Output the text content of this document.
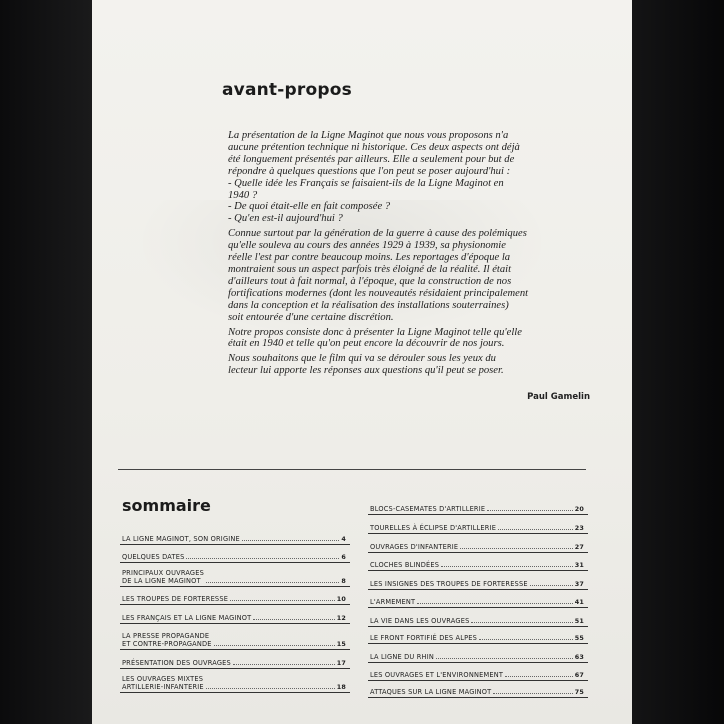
avant-propos

La présentation de la Ligne Maginot que nous vous proposons n'a
aucune prétention technique ni historique. Ces deux aspects ont déjà
été longuement présentés par ailleurs. Elle a seulement pour but de
répondre à quelques questions que l'on peut se poser aujourd'hui :
- Quelle idée les Français se faisaient-ils de la Ligne Maginot en
1940 ?
- De quoi était-elle en fait composée ?
- Qu'en est-il aujourd'hui ?

Connue surtout par la génération de la guerre à cause des polémiques
qu'elle souleva au cours des années 1929 à 1939, sa physionomie
réelle l'est par contre beaucoup moins. Les reportages d'époque la
montraient sous un aspect parfois très éloigné de la réalité. Il était
d'ailleurs tout à fait normal, à l'époque, que la construction de nos
fortifications modernes (dont les nouveautés résidaient principalement
dans la conception et la réalisation des installations souterraines)
soit entourée d'une certaine discrétion.

Notre propos consiste donc à présenter la Ligne Maginot telle qu'elle
était en 1940 et telle qu'on peut encore la découvrir de nos jours.

Nous souhaitons que le film qui va se dérouler sous les yeux du
lecteur lui apporte les réponses aux questions qu'il peut se poser.

Paul Gamelin
sommaire
LA LIGNE MAGINOT, SON ORIGINE	4
QUELQUES DATES	6
PRINCIPAUX OUVRAGES
DE LA LIGNE MAGINOT	8
LES TROUPES DE FORTERESSE	10
LES FRANÇAIS ET LA LIGNE MAGINOT	12
LA PRESSE PROPAGANDE
ET CONTRE-PROPAGANDE	15
PRÉSENTATION DES OUVRAGES	17
LES OUVRAGES MIXTES
ARTILLERIE-INFANTERIE	18
BLOCS-CASEMATES D'ARTILLERIE	20
TOURELLES À ÉCLIPSE D'ARTILLERIE	23
OUVRAGES D'INFANTERIE	27
CLOCHES BLINDÉES	31
LES INSIGNES DES TROUPES DE FORTERESSE	37
L'ARMEMENT	41
LA VIE DANS LES OUVRAGES	51
LE FRONT FORTIFIÉ DES ALPES	55
LA LIGNE DU RHIN	63
LES OUVRAGES ET L'ENVIRONNEMENT	67
ATTAQUES SUR LA LIGNE MAGINOT	75
